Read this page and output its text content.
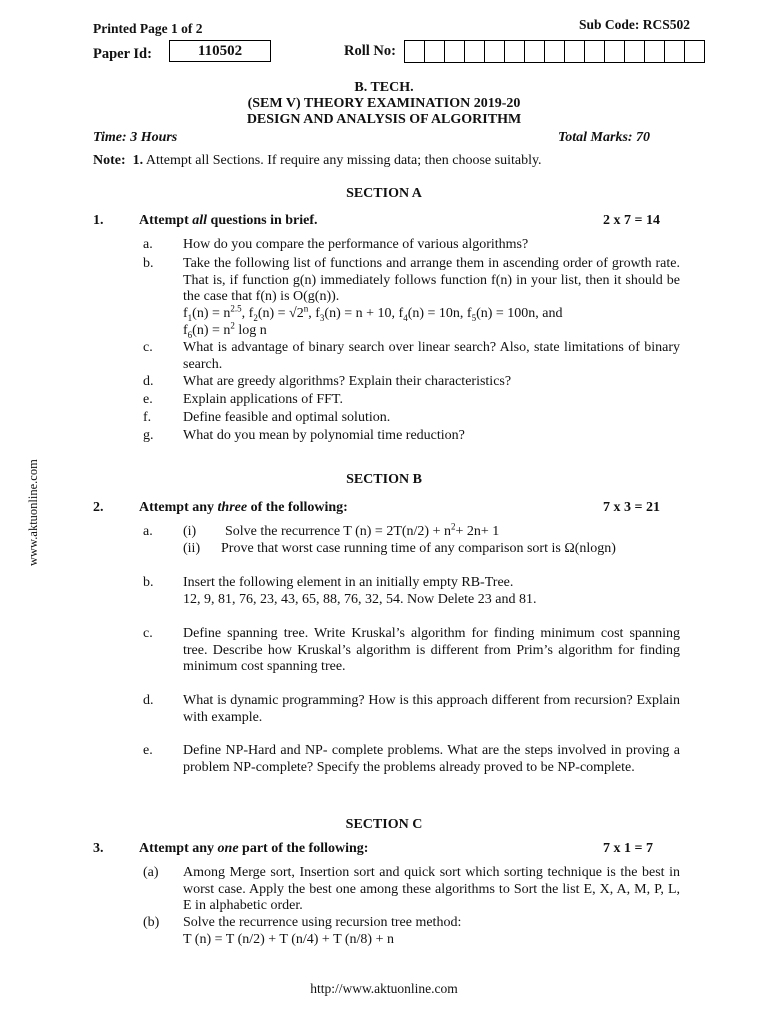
Printed Page 1 of 2	Sub Code: RCS502
Paper Id:	110502	Roll No:
B. TECH.
(SEM V) THEORY EXAMINATION 2019-20
DESIGN AND ANALYSIS OF ALGORITHM
Time: 3 Hours	Total Marks: 70
Note: 1. Attempt all Sections. If require any missing data; then choose suitably.
SECTION A
1.	Attempt all questions in brief.	2 x 7 = 14
a. How do you compare the performance of various algorithms?
b. Take the following list of functions and arrange them in ascending order of growth rate. That is, if function g(n) immediately follows function f(n) in your list, then it should be the case that f(n) is O(g(n)).
$f_1(n) = n^{2.5}$, $f_2(n) = √2^n$, $f_3(n) = n + 10$, $f_4(n) = 10n$, $f_5(n) = 100n$, and
$f_6(n) = n^2$ log n
c. What is advantage of binary search over linear search? Also, state limitations of binary search.
d. What are greedy algorithms? Explain their characteristics?
e. Explain applications of FFT.
f. Define feasible and optimal solution.
g. What do you mean by polynomial time reduction?
SECTION B
2.	Attempt any three of the following:	7 x 3 = 21
a. (i) Solve the recurrence T $(n) = 2T(n/2) + n^2+ 2n+ 1$
(ii) Prove that worst case running time of any comparison sort is Ω(nlogn)
b. Insert the following element in an initially empty RB-Tree.
12, 9, 81, 76, 23, 43, 65, 88, 76, 32, 54. Now Delete 23 and 81.
c. Define spanning tree. Write Kruskal’s algorithm for finding minimum cost spanning tree. Describe how Kruskal’s algorithm is different from Prim’s algorithm for finding minimum cost spanning tree.
d. What is dynamic programming? How is this approach different from recursion? Explain with example.
e. Define NP-Hard and NP- complete problems. What are the steps involved in proving a problem NP-complete? Specify the problems already proved to be NP-complete.
SECTION C
3.	Attempt any one part of the following:	7 x 1 = 7
(a) Among Merge sort, Insertion sort and quick sort which sorting technique is the best in worst case. Apply the best one among these algorithms to Sort the list E, X, A, M, P, L, E in alphabetic order.
(b) Solve the recurrence using recursion tree method:
T (n) = T (n/2) + T (n/4) + T (n/8) + n
http://www.aktuonline.com
www.aktuonline.com
